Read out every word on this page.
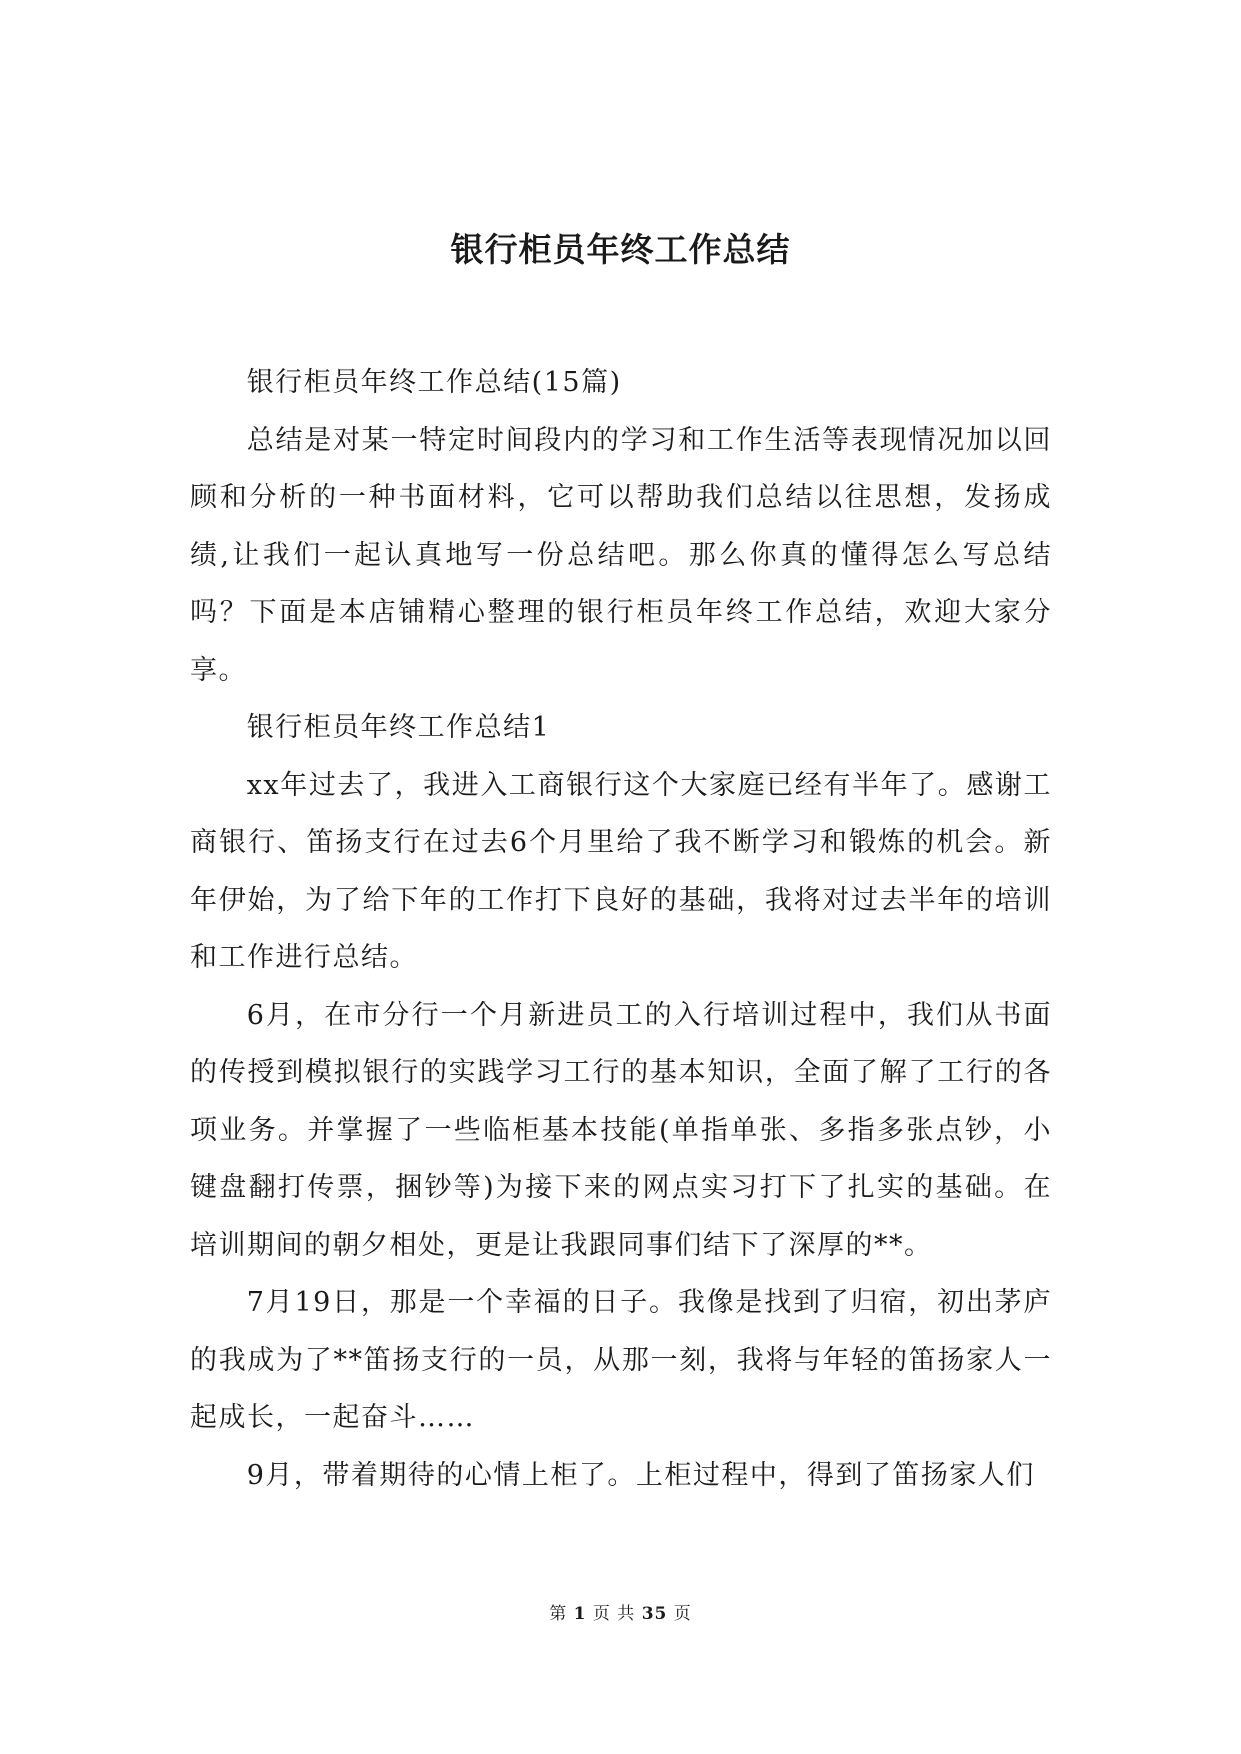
银行柜员年终工作总结

银行柜员年终工作总结(15篇)

总结是对某一特定时间段内的学习和工作生活等表现情况加以回顾和分析的一种书面材料，它可以帮助我们总结以往思想，发扬成绩,让我们一起认真地写一份总结吧。那么你真的懂得怎么写总结吗？下面是本店铺精心整理的银行柜员年终工作总结，欢迎大家分享。

银行柜员年终工作总结1

xx年过去了，我进入工商银行这个大家庭已经有半年了。感谢工商银行、笛扬支行在过去6个月里给了我不断学习和锻炼的机会。新年伊始，为了给下年的工作打下良好的基础，我将对过去半年的培训和工作进行总结。

6月，在市分行一个月新进员工的入行培训过程中，我们从书面的传授到模拟银行的实践学习工行的基本知识，全面了解了工行的各项业务。并掌握了一些临柜基本技能(单指单张、多指多张点钞，小键盘翻打传票，捆钞等)为接下来的网点实习打下了扎实的基础。在培训期间的朝夕相处，更是让我跟同事们结下了深厚的**。

7月19日，那是一个幸福的日子。我像是找到了归宿，初出茅庐的我成为了**笛扬支行的一员，从那一刻，我将与年轻的笛扬家人一起成长，一起奋斗……

9月，带着期待的心情上柜了。上柜过程中，得到了笛扬家人们

第 1 页 共 35 页
